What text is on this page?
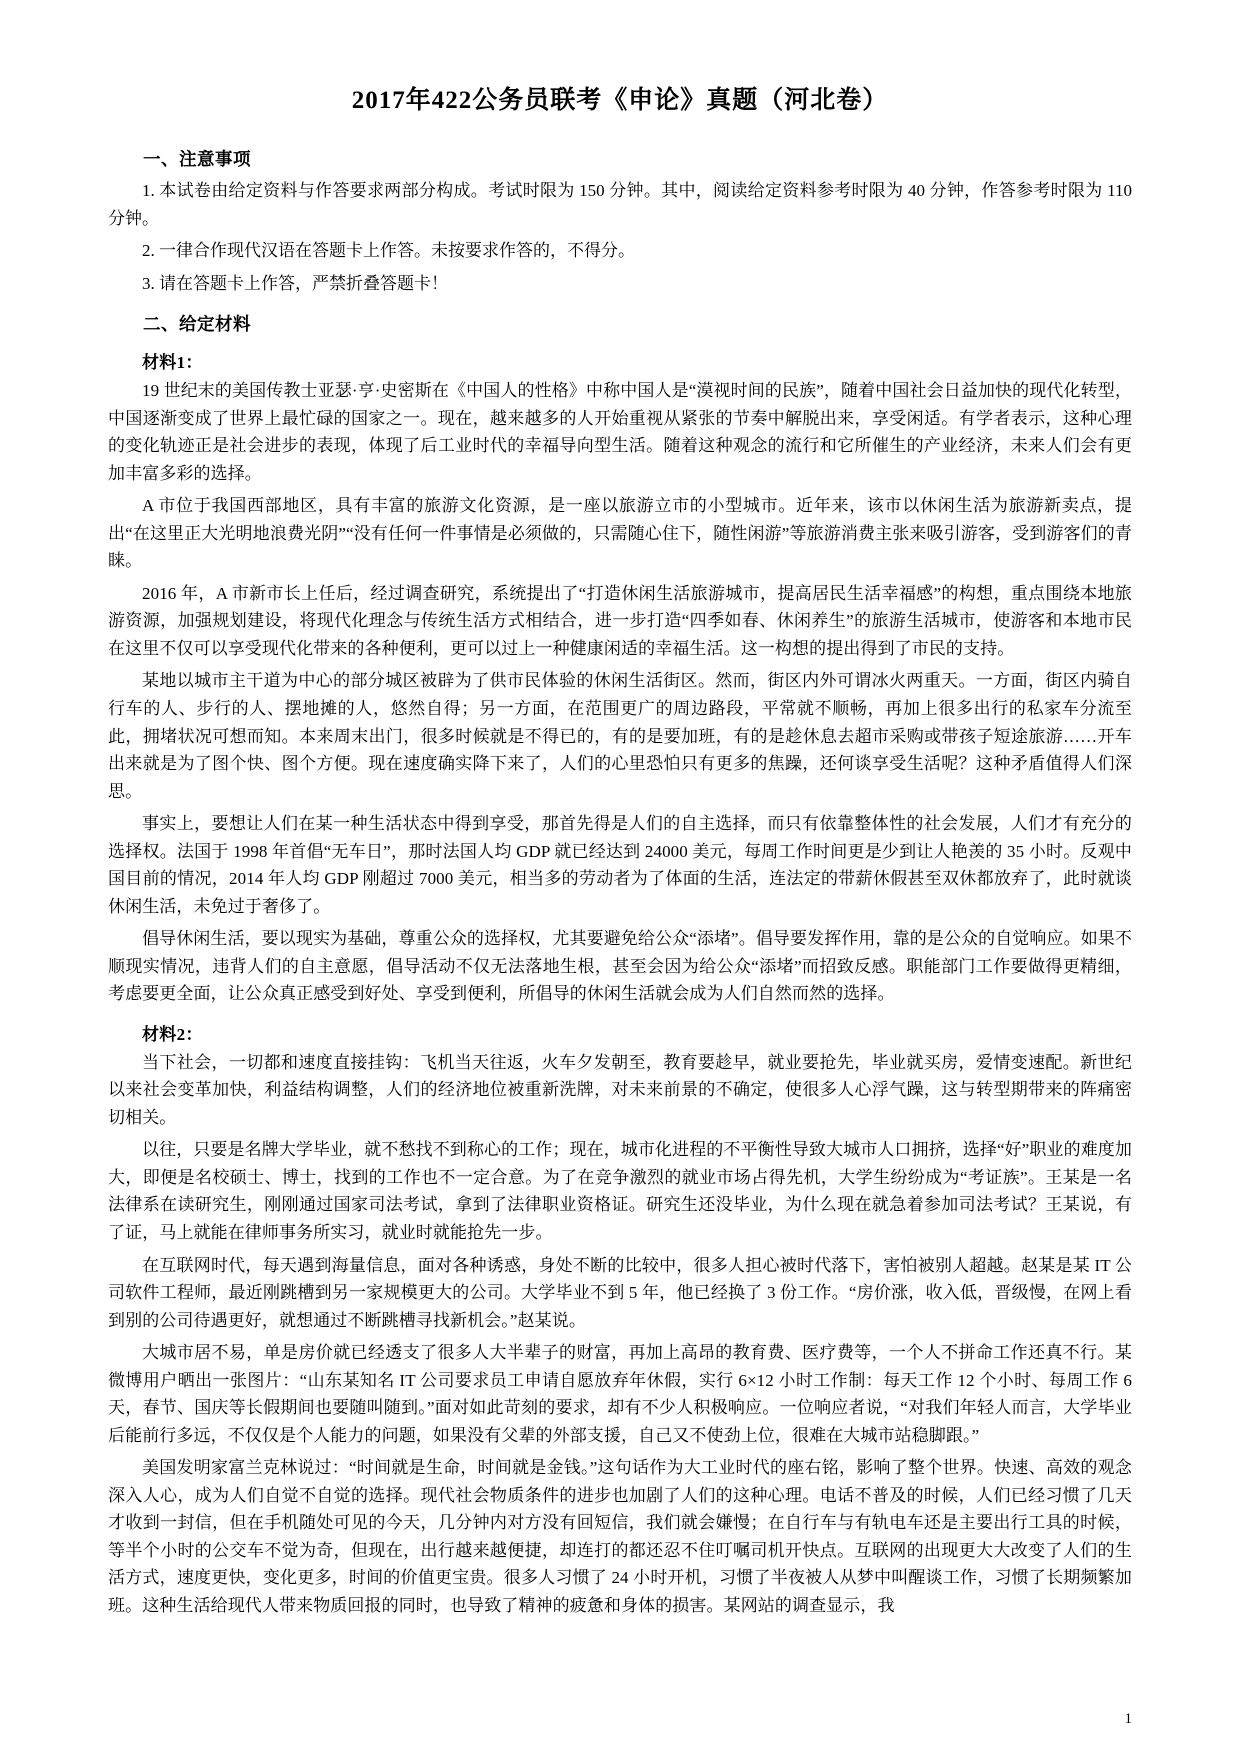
2017年422公务员联考《申论》真题（河北卷）
一、注意事项
1. 本试卷由给定资料与作答要求两部分构成。考试时限为 150 分钟。其中，阅读给定资料参考时限为 40 分钟，作答参考时限为 110 分钟。
2. 一律合作现代汉语在答题卡上作答。未按要求作答的，不得分。
3. 请在答题卡上作答，严禁折叠答题卡！
二、给定材料
材料1：

19 世纪末的美国传教士亚瑟·亨·史密斯在《中国人的性格》中称中国人是“漠视时间的民族”，随着中国社会日益加快的现代化转型，中国逐渐变成了世界上最忙碌的国家之一。现在，越来越多的人开始重视从紧张的节奏中解脱出来，享受闲适。有学者表示，这种心理的变化轨迹正是社会进步的表现，体现了后工业时代的幸福导向型生活。随着这种观念的流行和它所催生的产业经济，未来人们会有更加丰富多彩的选择。

A 市位于我国西部地区，具有丰富的旅游文化资源，是一座以旅游立市的小型城市。近年来，该市以休闲生活为旅游新卖点，提出“在这里正大光明地浪费光阴”“没有任何一件事情是必须做的，只需随心住下，随性闲游”等旅游消费主张来吸引游客，受到游客们的青睐。

2016 年，A 市新市长上任后，经过调查研究，系统提出了“打造休闲生活旅游城市，提高居民生活幸福感”的构想，重点围绕本地旅游资源，加强规划建设，将现代化理念与传统生活方式相结合，进一步打造“四季如春、休闲养生”的旅游生活城市，使游客和本地市民在这里不仅可以享受现代化带来的各种便利，更可以过上一种健康闲适的幸福生活。这一构想的提出得到了市民的支持。

某地以城市主干道为中心的部分城区被辟为了供市民体验的休闲生活街区。然而，街区内外可谓冰火两重天。一方面，街区内骑自行车的人、步行的人、摆地摊的人，悠然自得；另一方面，在范围更广的周边路段，平常就不顺畅，再加上很多出行的私家车分流至此，拥堵状况可想而知。本来周末出门，很多时候就是不得已的，有的是要加班，有的是趁休息去超市采购或带孩子短途旅游……开车出来就是为了图个快、图个方便。现在速度确实降下来了，人们的心里恐怕只有更多的焦躁，还何谈享受生活呢？这种矛盾值得人们深思。

事实上，要想让人们在某一种生活状态中得到享受，那首先得是人们的自主选择，而只有依靠整体性的社会发展，人们才有充分的选择权。法国于 1998 年首倡“无车日”，那时法国人均 GDP 就已经达到 24000 美元，每周工作时间更是少到让人艳羡的 35 小时。反观中国目前的情况，2014 年人均 GDP 刚超过 7000 美元，相当多的劳动者为了体面的生活，连法定的带薪休假甚至双休都放弃了，此时就谈休闲生活，未免过于奢侈了。

倡导休闲生活，要以现实为基础，尊重公众的选择权，尤其要避免给公众“添堵”。倡导要发挥作用，靠的是公众的自觉响应。如果不顺现实情况，违背人们的自主意愿，倡导活动不仅无法落地生根，甚至会因为给公众“添堵”而招致反感。职能部门工作要做得更精细，考虑要更全面，让公众真正感受到好处、享受到便利，所倡导的休闲生活就会成为人们自然而然的选择。

材料2：

当下社会，一切都和速度直接挂钩：飞机当天往返，火车夕发朝至，教育要趁早，就业要抢先，毕业就买房，爱情变速配。新世纪以来社会变革加快，利益结构调整，人们的经济地位被重新洗牌，对未来前景的不确定，使很多人心浮气躁，这与转型期带来的阵痛密切相关。

以往，只要是名牌大学毕业，就不愁找不到称心的工作；现在，城市化进程的不平衡性导致大城市人口拥挤，选择“好”职业的难度加大，即便是名校硕士、博士，找到的工作也不一定合意。为了在竞争激烈的就业市场占得先机，大学生纷纷成为“考证族”。王某是一名法律系在读研究生，刚刚通过国家司法考试，拿到了法律职业资格证。研究生还没毕业，为什么现在就急着参加司法考试？王某说，有了证，马上就能在律师事务所实习，就业时就能抢先一步。

在互联网时代，每天遇到海量信息，面对各种诱惑，身处不断的比较中，很多人担心被时代落下，害怕被别人超越。赵某是某 IT 公司软件工程师，最近刚跳槽到另一家规模更大的公司。大学毕业不到 5 年，他已经换了 3 份工作。“房价涨，收入低，晋级慢，在网上看到别的公司待遇更好，就想通过不断跳槽寻找新机会。”赵某说。

大城市居不易，单是房价就已经透支了很多人大半辈子的财富，再加上高昂的教育费、医疗费等，一个人不拼命工作还真不行。某微博用户晒出一张图片：“山东某知名 IT 公司要求员工申请自愿放弃年休假，实行 6×12 小时工作制：每天工作 12 个小时、每周工作 6 天，春节、国庆等长假期间也要随叫随到。”面对如此苛刻的要求，却有不少人积极响应。一位响应者说，“对我们年轻人而言，大学毕业后能前行多远，不仅仅是个人能力的问题，如果没有父辈的外部支援，自己又不使劲上位，很难在大城市站稳脚跟。”

美国发明家富兰克林说过：“时间就是生命，时间就是金钱。”这句话作为大工业时代的座右铭，影响了整个世界。快速、高效的观念深入人心，成为人们自觉不自觉的选择。现代社会物质条件的进步也加剧了人们的这种心理。电话不普及的时候，人们已经习惯了几天才收到一封信，但在手机随处可见的今天，几分钟内对方没有回短信，我们就会嫌慢；在自行车与有轨电车还是主要出行工具的时候，等半个小时的公交车不觉为奇，但现在，出行越来越便捷，却连打的都还忍不住叮嘱司机开快点。互联网的出现更大大改变了人们的生活方式，速度更快，变化更多，时间的价值更宝贵。很多人习惯了 24 小时开机，习惯了半夜被人从梦中叫醒谈工作，习惯了长期频繁加班。这种生活给现代人带来物质回报的同时，也导致了精神的疲惫和身体的损害。某网站的调查显示，我

1
